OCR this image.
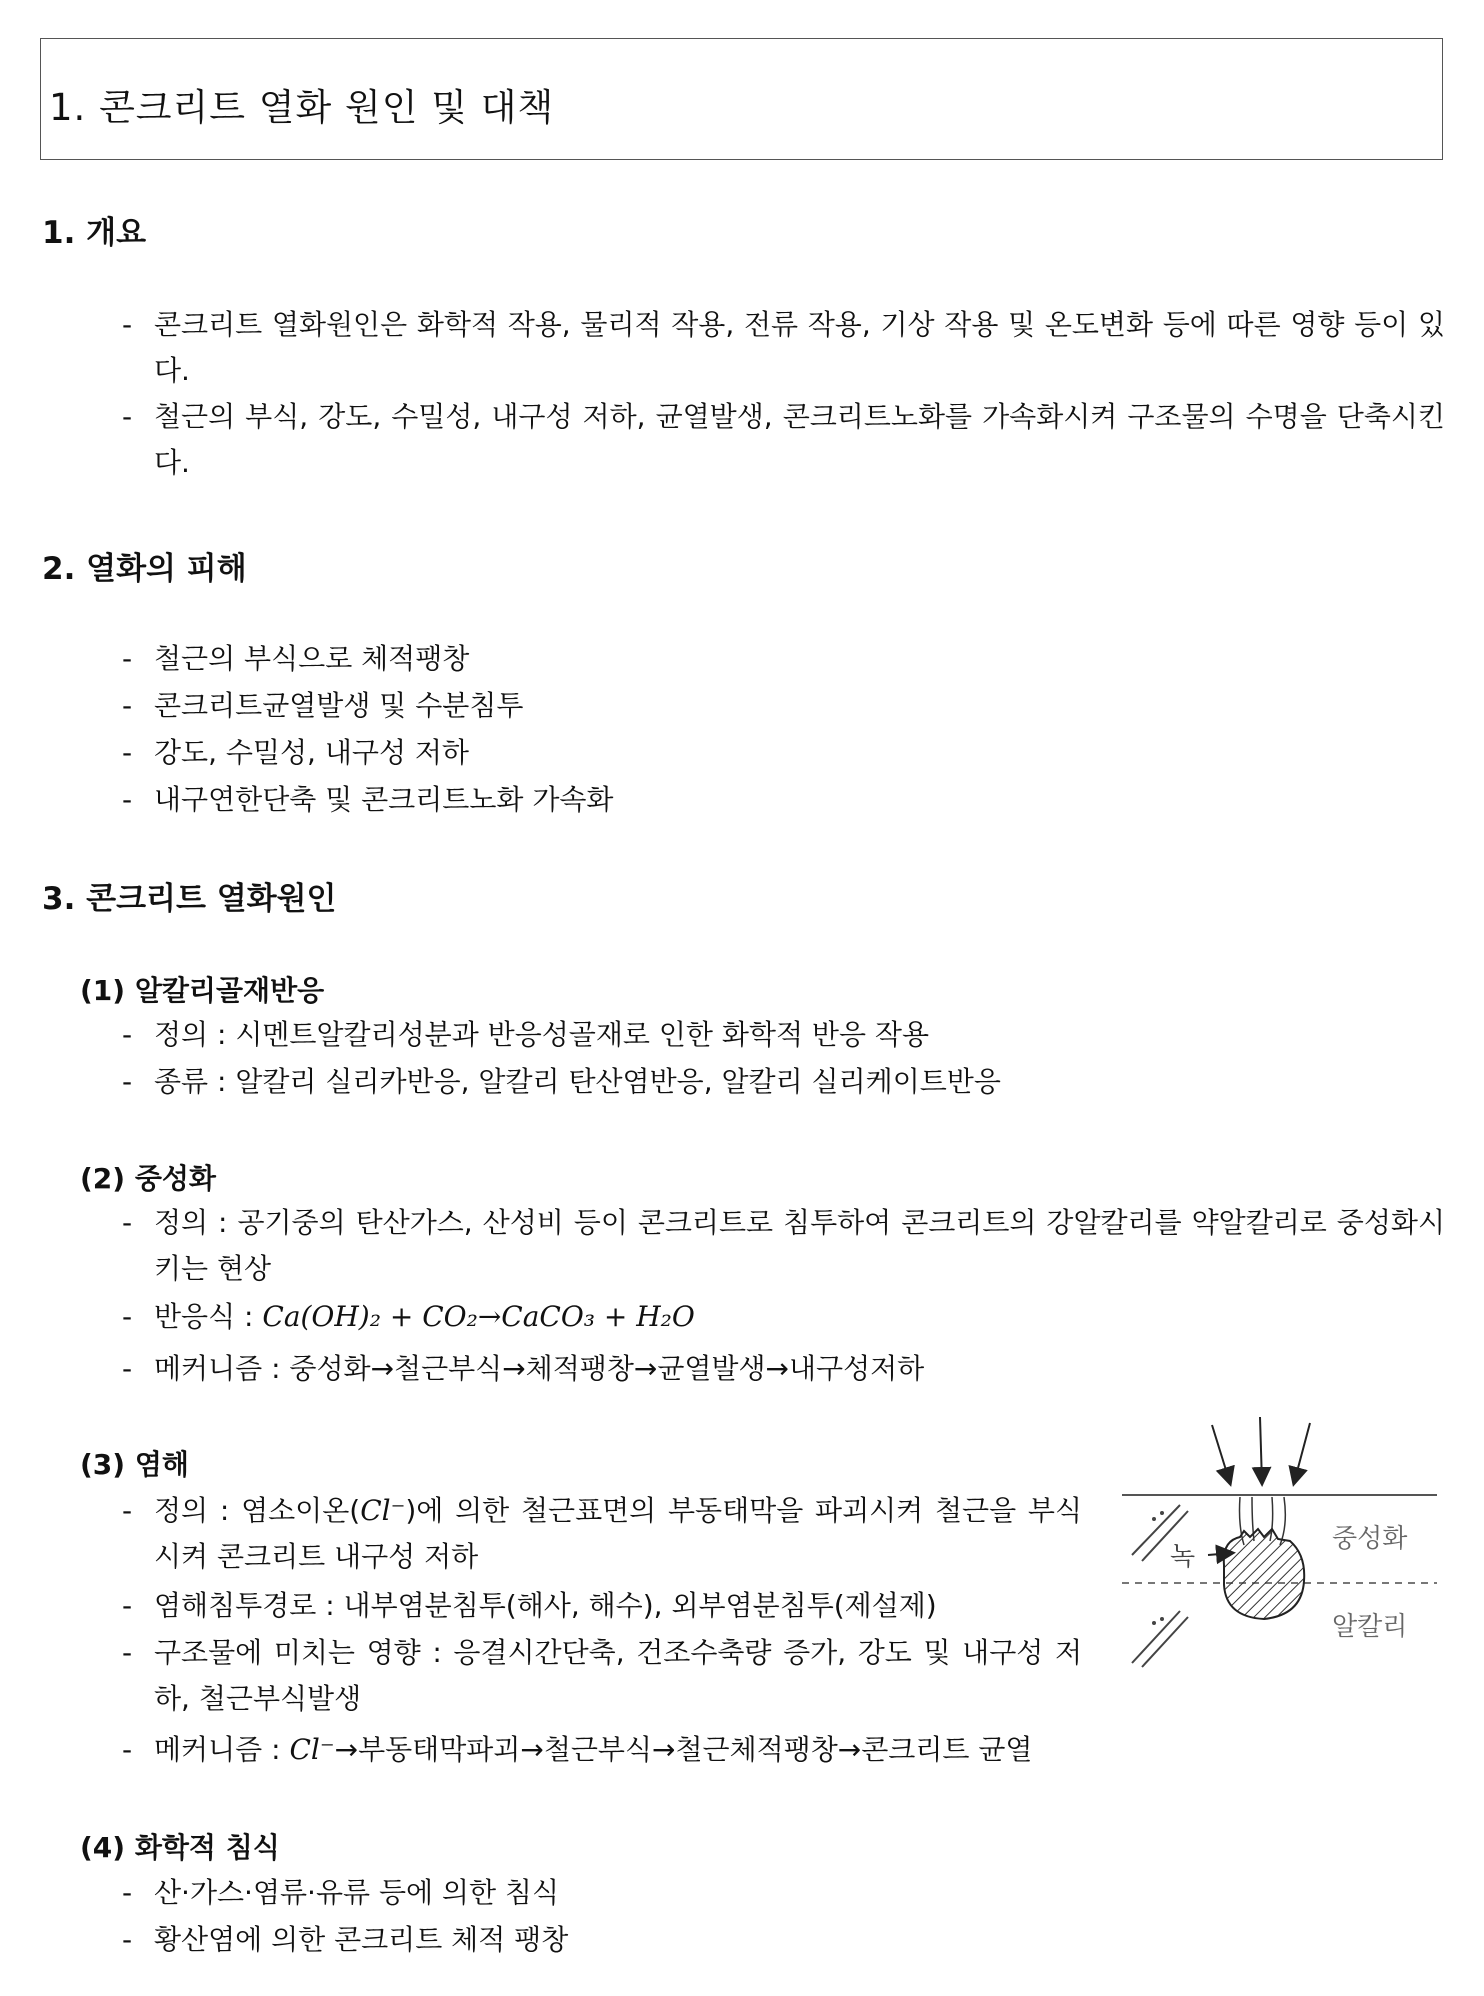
1. 콘크리트 열화 원인 및 대책
1. 개요
- 콘크리트 열화원인은 화학적 작용, 물리적 작용, 전류 작용, 기상 작용 및 온도변화 등에 따른 영향 등이 있다.
- 철근의 부식, 강도, 수밀성, 내구성 저하, 균열발생, 콘크리트노화를 가속화시켜 구조물의 수명을 단축시킨다.
2. 열화의 피해
- 철근의 부식으로 체적팽창
- 콘크리트균열발생 및 수분침투
- 강도, 수밀성, 내구성 저하
- 내구연한단축 및 콘크리트노화 가속화
3. 콘크리트 열화원인
(1) 알칼리골재반응
- 정의 : 시멘트알칼리성분과 반응성골재로 인한 화학적 반응 작용
- 종류 : 알칼리 실리카반응, 알칼리 탄산염반응, 알칼리 실리케이트반응
(2) 중성화
- 정의 : 공기중의 탄산가스, 산성비 등이 콘크리트로 침투하여 콘크리트의 강알칼리를 약알칼리로 중성화시키는 현상
- 반응식 : Ca(OH)₂ + CO₂→CaCO₃ + H₂O
- 메커니즘 : 중성화→철근부식→체적팽창→균열발생→내구성저하
(3) 염해
- 정의 : 염소이온(Cl⁻)에 의한 철근표면의 부동태막을 파괴시켜 철근을 부식시켜 콘크리트 내구성 저하
- 염해침투경로 : 내부염분침투(해사, 해수), 외부염분침투(제설제)
- 구조물에 미치는 영향 : 응결시간단축, 건조수축량 증가, 강도 및 내구성 저하, 철근부식발생
- 메커니즘 : Cl⁻→부동태막파괴→철근부식→철근체적팽창→콘크리트 균열
녹
중성화
알칼리
(4) 화학적 침식
- 산·가스·염류·유류 등에 의한 침식
- 황산염에 의한 콘크리트 체적 팽창
